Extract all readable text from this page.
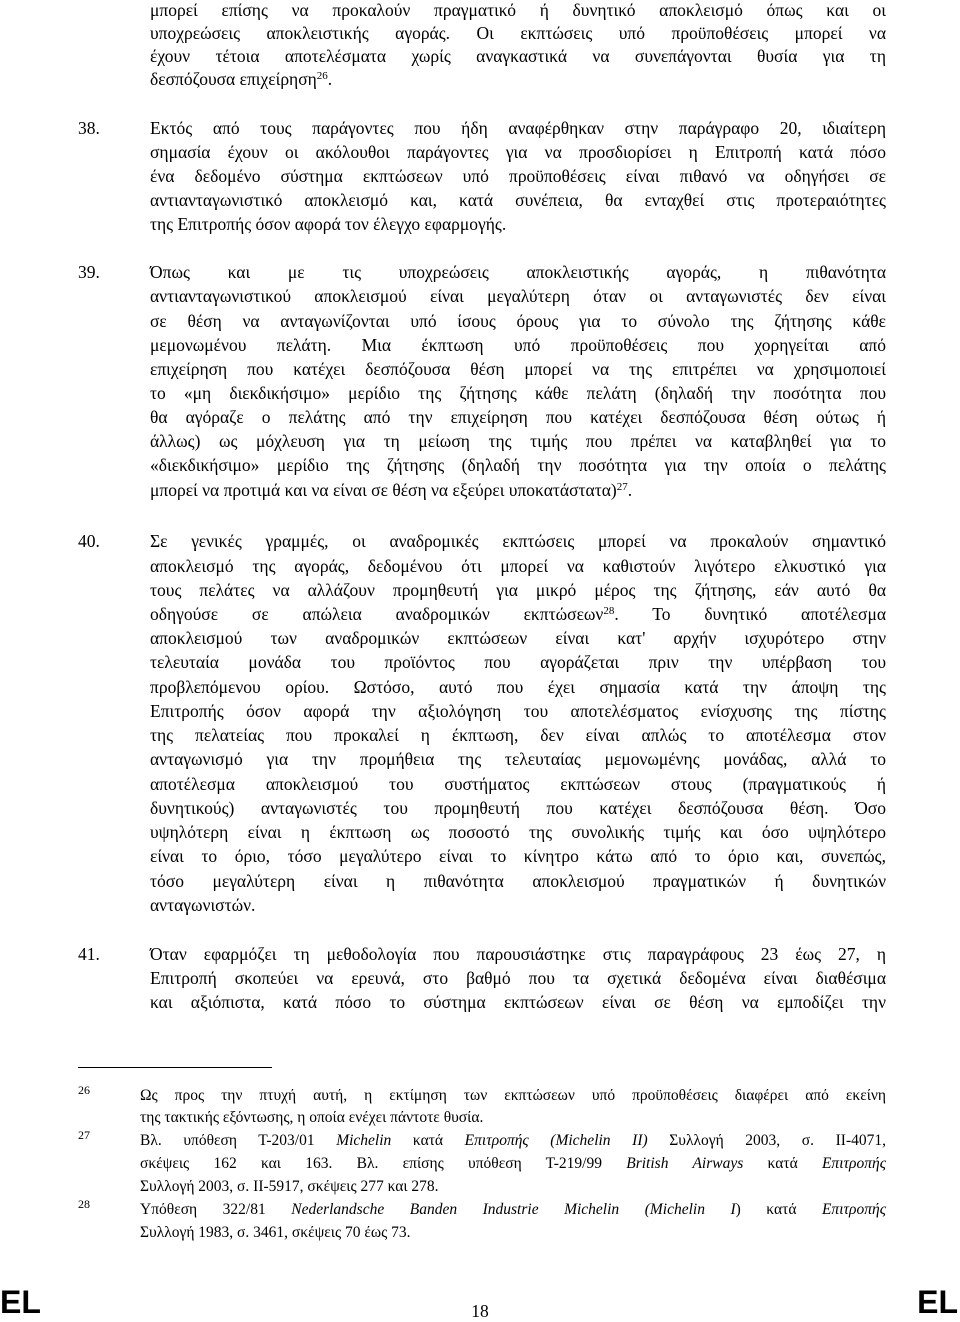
μπορεί επίσης να προκαλούν πραγματικό ή δυνητικό αποκλεισμό όπως και οι
υποχρεώσεις αποκλειστικής αγοράς. Οι εκπτώσεις υπό προϋποθέσεις μπορεί να
έχουν τέτοια αποτελέσματα χωρίς αναγκαστικά να συνεπάγονται θυσία για τη
δεσπόζουσα επιχείρηση$^{26}$.
38.	Εκτός από τους παράγοντες που ήδη αναφέρθηκαν στην παράγραφο 20, ιδιαίτερη
σημασία έχουν οι ακόλουθοι παράγοντες για να προσδιορίσει η Επιτροπή κατά πόσο
ένα δεδομένο σύστημα εκπτώσεων υπό προϋποθέσεις είναι πιθανό να οδηγήσει σε
αντιανταγωνιστικό αποκλεισμό και, κατά συνέπεια, θα ενταχθεί στις προτεραιότητες
της Επιτροπής όσον αφορά τον έλεγχο εφαρμογής.
39.	Όπως και με τις υποχρεώσεις αποκλειστικής αγοράς, η πιθανότητα
αντιανταγωνιστικού αποκλεισμού είναι μεγαλύτερη όταν οι ανταγωνιστές δεν είναι
σε θέση να ανταγωνίζονται υπό ίσους όρους για το σύνολο της ζήτησης κάθε
μεμονωμένου πελάτη. Μια έκπτωση υπό προϋποθέσεις που χορηγείται από
επιχείρηση που κατέχει δεσπόζουσα θέση μπορεί να της επιτρέπει να χρησιμοποιεί
το «μη διεκδικήσιμο» μερίδιο της ζήτησης κάθε πελάτη (δηλαδή την ποσότητα που
θα αγόραζε ο πελάτης από την επιχείρηση που κατέχει δεσπόζουσα θέση ούτως ή
άλλως) ως μόχλευση για τη μείωση της τιμής που πρέπει να καταβληθεί για το
«διεκδικήσιμο» μερίδιο της ζήτησης (δηλαδή την ποσότητα για την οποία ο πελάτης
μπορεί να προτιμά και να είναι σε θέση να εξεύρει υποκατάστατα)$^{27}$.
40.	Σε γενικές γραμμές, οι αναδρομικές εκπτώσεις μπορεί να προκαλούν σημαντικό
αποκλεισμό της αγοράς, δεδομένου ότι μπορεί να καθιστούν λιγότερο ελκυστικό για
τους πελάτες να αλλάζουν προμηθευτή για μικρό μέρος της ζήτησης, εάν αυτό θα
οδηγούσε σε απώλεια αναδρομικών εκπτώσεων$^{28}$. Το δυνητικό αποτέλεσμα
αποκλεισμού των αναδρομικών εκπτώσεων είναι κατ' αρχήν ισχυρότερο στην
τελευταία μονάδα του προϊόντος που αγοράζεται πριν την υπέρβαση του
προβλεπόμενου ορίου. Ωστόσο, αυτό που έχει σημασία κατά την άποψη της
Επιτροπής όσον αφορά την αξιολόγηση του αποτελέσματος ενίσχυσης της πίστης
της πελατείας που προκαλεί η έκπτωση, δεν είναι απλώς το αποτέλεσμα στον
ανταγωνισμό για την προμήθεια της τελευταίας μεμονωμένης μονάδας, αλλά το
αποτέλεσμα αποκλεισμού του συστήματος εκπτώσεων στους (πραγματικούς ή
δυνητικούς) ανταγωνιστές του προμηθευτή που κατέχει δεσπόζουσα θέση. Όσο
υψηλότερη είναι η έκπτωση ως ποσοστό της συνολικής τιμής και όσο υψηλότερο
είναι το όριο, τόσο μεγαλύτερο είναι το κίνητρο κάτω από το όριο και, συνεπώς,
τόσο μεγαλύτερη είναι η πιθανότητα αποκλεισμού πραγματικών ή δυνητικών
ανταγωνιστών.
41.	Όταν εφαρμόζει τη μεθοδολογία που παρουσιάστηκε στις παραγράφους 23 έως 27, η
Επιτροπή σκοπεύει να ερευνά, στο βαθμό που τα σχετικά δεδομένα είναι διαθέσιμα
και αξιόπιστα, κατά πόσο το σύστημα εκπτώσεων είναι σε θέση να εμποδίζει την
26	Ως προς την πτυχή αυτή, η εκτίμηση των εκπτώσεων υπό προϋποθέσεις διαφέρει από εκείνη
της τακτικής εξόντωσης, η οποία ενέχει πάντοτε θυσία.
27	Βλ. υπόθεση Τ-203/01 Michelin κατά Επιτροπής (Michelin II) Συλλογή 2003, σ. II-4071,
σκέψεις 162 και 163. Βλ. επίσης υπόθεση Τ-219/99 British Airways κατά Επιτροπής
Συλλογή 2003, σ. II-5917, σκέψεις 277 και 278.
28	Υπόθεση 322/81 Nederlandsche Banden Industrie Michelin (Michelin I) κατά Επιτροπής
Συλλογή 1983, σ. 3461, σκέψεις 70 έως 73.
EL	18	EL
